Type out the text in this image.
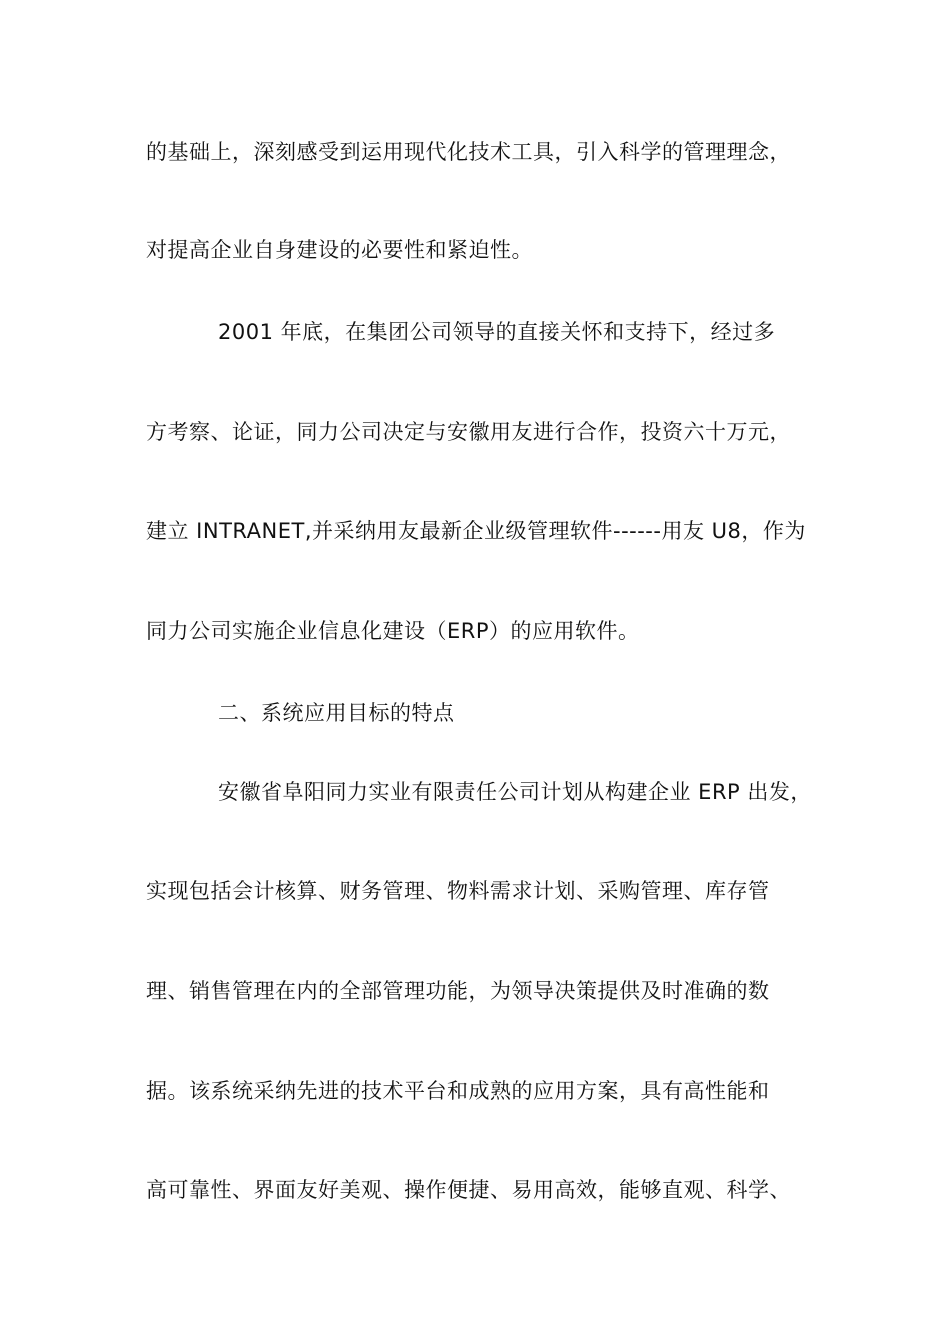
的基础上，深刻感受到运用现代化技术工具，引入科学的管理理念，

对提高企业自身建设的必要性和紧迫性。

2001 年底，在集团公司领导的直接关怀和支持下，经过多

方考察、论证，同力公司决定与安徽用友进行合作，投资六十万元，

建立 INTRANET,并采纳用友最新企业级管理软件------用友 U8，作为

同力公司实施企业信息化建设（ERP）的应用软件。

二、系统应用目标的特点

安徽省阜阳同力实业有限责任公司计划从构建企业 ERP 出发，

实现包括会计核算、财务管理、物料需求计划、采购管理、库存管

理、销售管理在内的全部管理功能，为领导决策提供及时准确的数

据。该系统采纳先进的技术平台和成熟的应用方案，具有高性能和

高可靠性、界面友好美观、操作便捷、易用高效，能够直观、科学、
